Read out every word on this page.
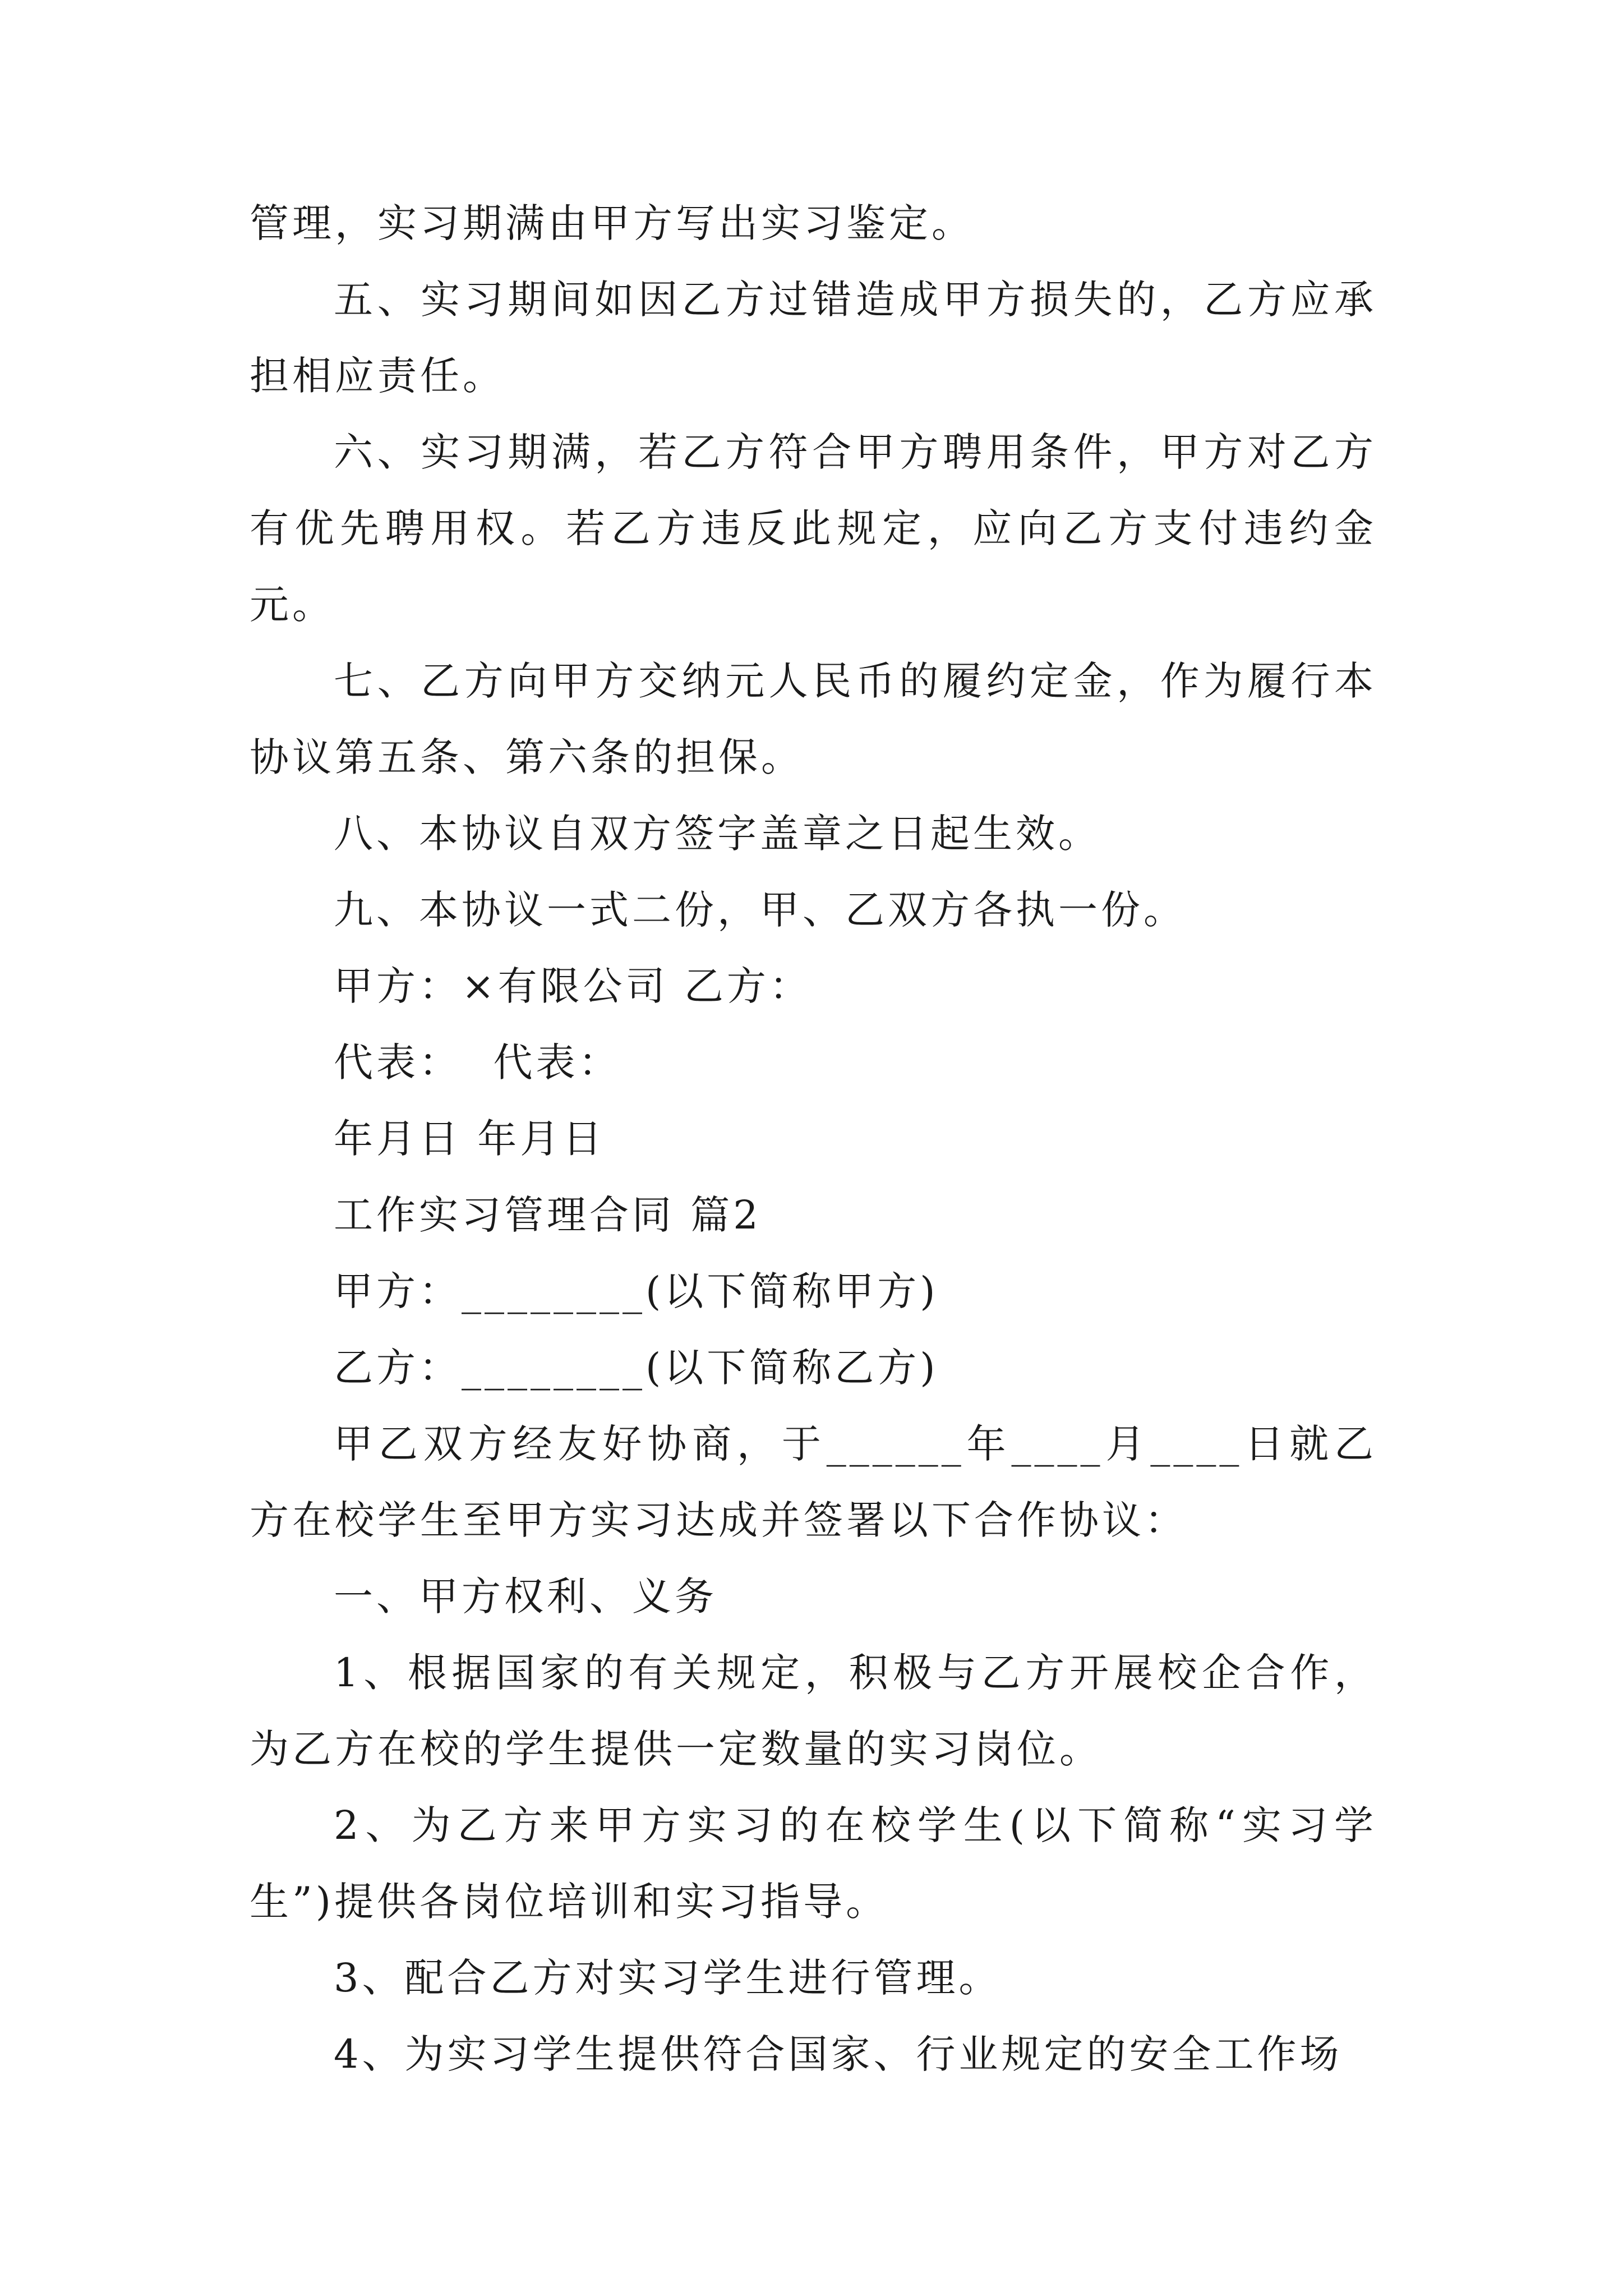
管理，实习期满由甲方写出实习鉴定。

五、实习期间如因乙方过错造成甲方损失的，乙方应承担相应责任。

六、实习期满，若乙方符合甲方聘用条件，甲方对乙方有优先聘用权。若乙方违反此规定，应向乙方支付违约金元。

七、乙方向甲方交纳元人民币的履约定金，作为履行本协议第五条、第六条的担保。

八、本协议自双方签字盖章之日起生效。

九、本协议一式二份，甲、乙双方各执一份。

甲方：×有限公司 乙方：

代表：  代表：

年月日 年月日

工作实习管理合同 篇2

甲方：________(以下简称甲方)

乙方：________(以下简称乙方)

甲乙双方经友好协商，于______年____月____日就乙方在校学生至甲方实习达成并签署以下合作协议：

一、甲方权利、义务

1、根据国家的有关规定，积极与乙方开展校企合作，为乙方在校的学生提供一定数量的实习岗位。

2、为乙方来甲方实习的在校学生(以下简称“实习学生”)提供各岗位培训和实习指导。

3、配合乙方对实习学生进行管理。

4、为实习学生提供符合国家、行业规定的安全工作场
